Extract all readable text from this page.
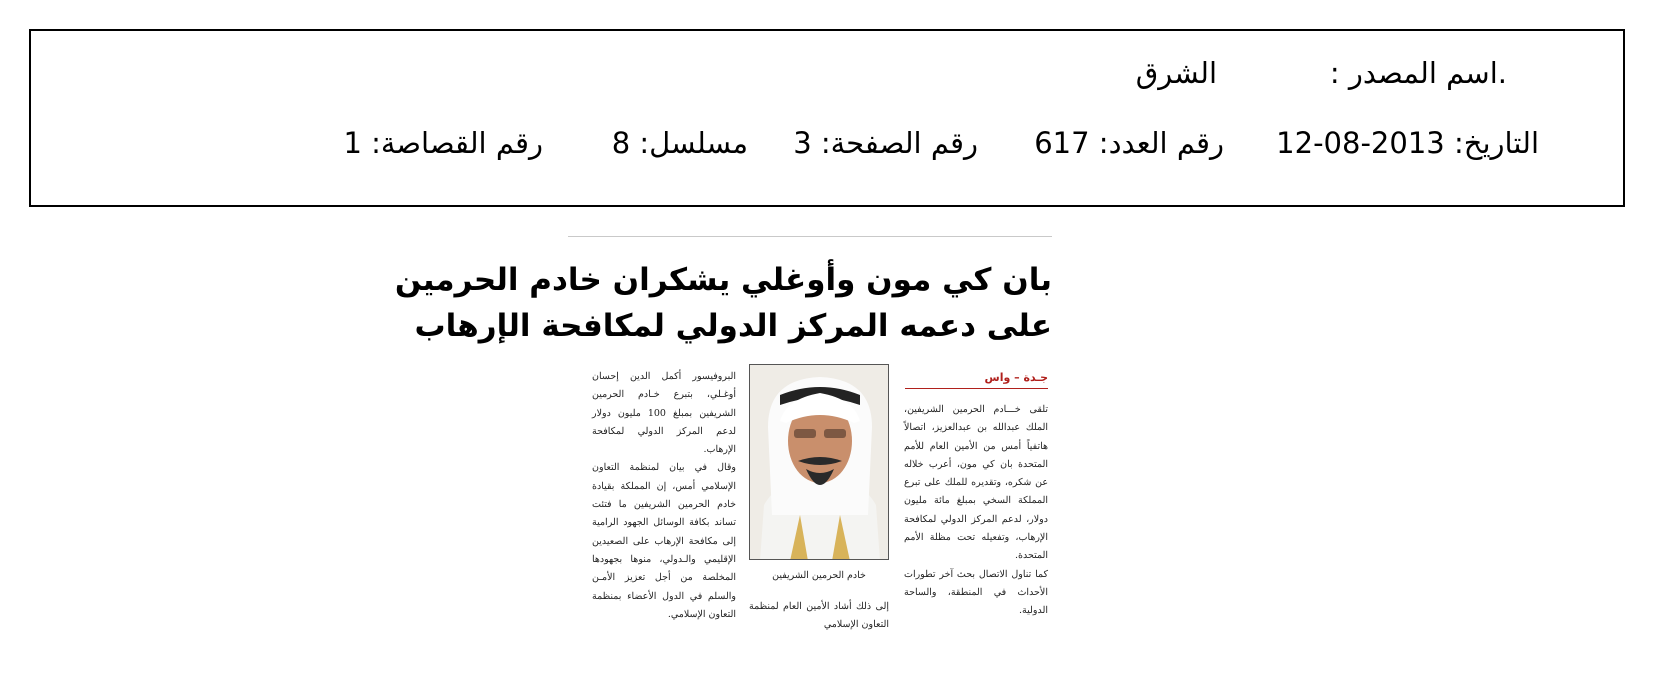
.اسم المصدر :
الشرق
التاريخ: 2013-08-12
رقم العدد: 617
رقم الصفحة: 3
مسلسل: 8
رقم القصاصة: 1
بان كي مون وأوغلي يشكران خادم الحرمين
على دعمه المركز الدولي لمكافحة الإرهاب
جـدة – واس

تلقى خـــادم الحرمين الشريفين، الملك عبدالله بن عبدالعزيز، اتصالاً هاتفياً أمس من الأمين العام للأمم المتحدة بان كي مون، أعرب خلاله عن شكره، وتقديره للملك على تبرع المملكة السخي بمبلغ مائة مليون دولار، لدعم المركز الدولي لمكافحة الإرهاب، وتفعيله تحت مظلة الأمم المتحدة.

كما تناول الاتصال بحث آخر تطورات الأحداث في المنطقة، والساحة الدولية.

خادم الحرمين الشريفين

إلى ذلك أشاد الأمين العام لمنظمة التعاون الإسلامي

البروفيسور أكمل الدين إحسان أوغـلي، بتبرع خـادم الحرمين الشريفين بمبلغ 100 مليون دولار لدعم المركز الدولي لمكافحة الإرهاب.

وقال في بيان لمنظمة التعاون الإسلامي أمس، إن المملكة بقيادة خادم الحرمين الشريفين ما فتئت تساند بكافة الوسائل الجهود الرامية إلى مكافحة الإرهاب على الصعيدين الإقليمي والـدولي، منوها بجهودها المخلصة من أجل تعزيز الأمـن والسلم في الدول الأعضاء بمنظمة التعاون الإسلامي.
